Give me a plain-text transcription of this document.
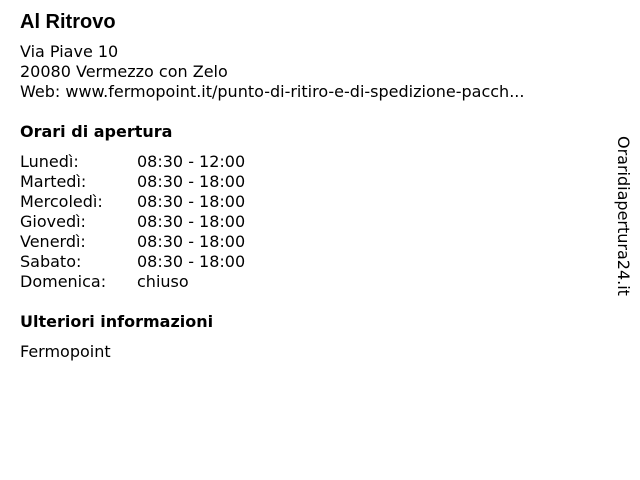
Al Ritrovo
Via Piave 10
20080 Vermezzo con Zelo
Web: www.fermopoint.it/punto-di-ritiro-e-di-spedizione-pacch...
Orari di apertura
Lunedì:	08:30 - 12:00
Martedì:	08:30 - 18:00
Mercoledì:	08:30 - 18:00
Giovedì:	08:30 - 18:00
Venerdì:	08:30 - 18:00
Sabato:	08:30 - 18:00
Domenica:	chiuso
Ulteriori informazioni
Fermopoint
Oraridiapertura24.it
